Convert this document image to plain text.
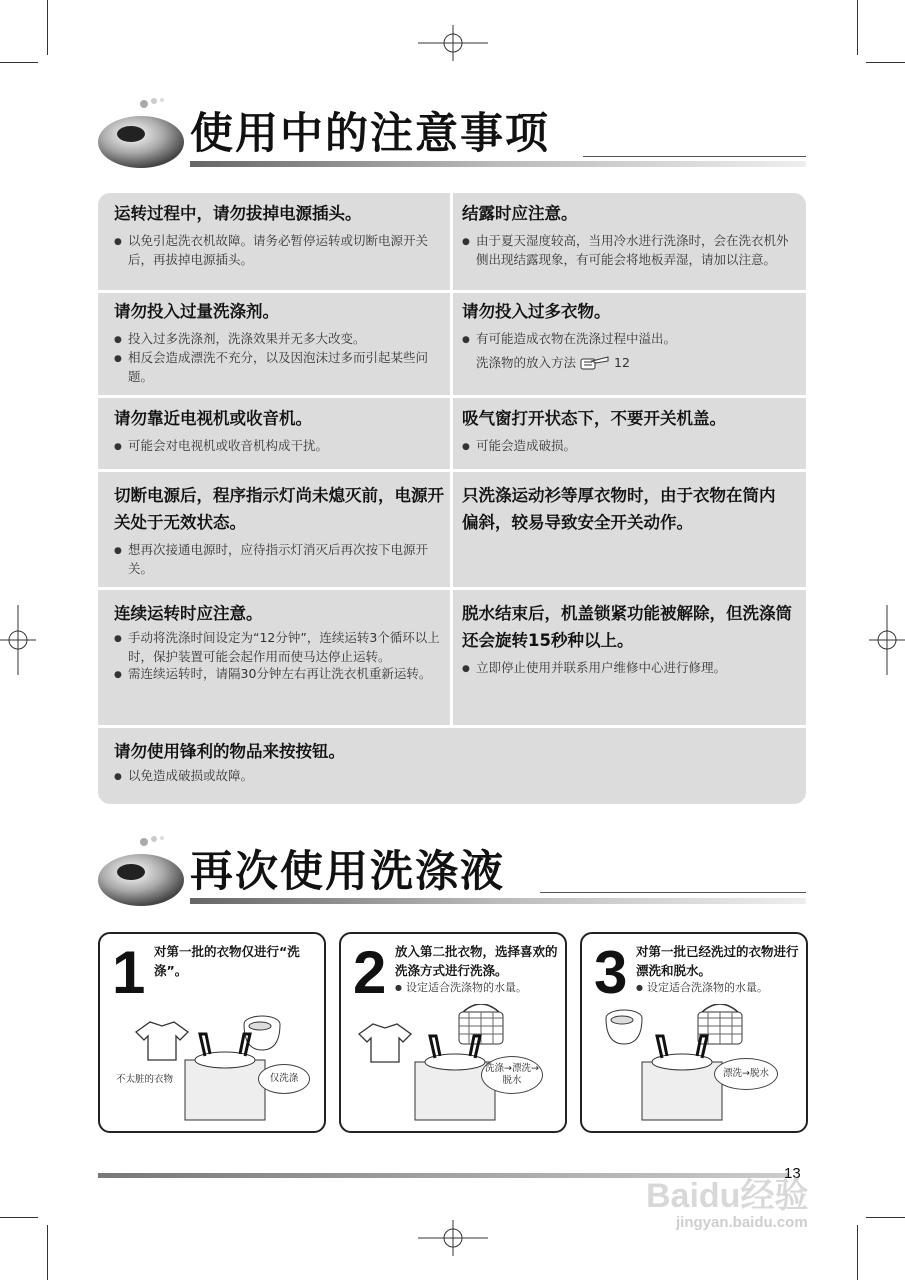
使用中的注意事项
运转过程中，请勿拔掉电源插头。
● 以免引起洗衣机故障。请务必暂停运转或切断电源开关后，再拔掉电源插头。
结露时应注意。
● 由于夏天湿度较高，当用冷水进行洗涤时，会在洗衣机外侧出现结露现象，有可能会将地板弄湿，请加以注意。
请勿投入过量洗涤剂。
● 投入过多洗涤剂，洗涤效果并无多大改变。
● 相反会造成漂洗不充分，以及因泡沫过多而引起某些问题。
请勿投入过多衣物。
● 有可能造成衣物在洗涤过程中溢出。
洗涤物的放入方法	12
请勿靠近电视机或收音机。
● 可能会对电视机或收音机构成干扰。
吸气窗打开状态下，不要开关机盖。
● 可能会造成破损。
切断电源后，程序指示灯尚未熄灭前，电源开关处于无效状态。
● 想再次接通电源时，应待指示灯消灭后再次按下电源开关。
只洗涤运动衫等厚衣物时，由于衣物在筒内偏斜，较易导致安全开关动作。
连续运转时应注意。
● 手动将洗涤时间设定为“12分钟”，连续运转3个循环以上时，保护装置可能会起作用而使马达停止运转。
● 需连续运转时，请隔30分钟左右再让洗衣机重新运转。
脱水结束后，机盖锁紧功能被解除，但洗涤筒还会旋转15秒种以上。
● 立即停止使用并联系用户维修中心进行修理。
请勿使用锋利的物品来按按钮。
● 以免造成破损或故障。
再次使用洗涤液
1 对第一批的衣物仅进行“洗涤”。
不太脏的衣物	仅洗涤
2 放入第二批衣物，选择喜欢的洗涤方式进行洗涤。
● 设定适合洗涤物的水量。
洗涤→漂洗→脱水
3 对第一批已经洗过的衣物进行漂洗和脱水。
● 设定适合洗涤物的水量。
漂洗→脱水
13
Baidu经验
jingyan.baidu.com
